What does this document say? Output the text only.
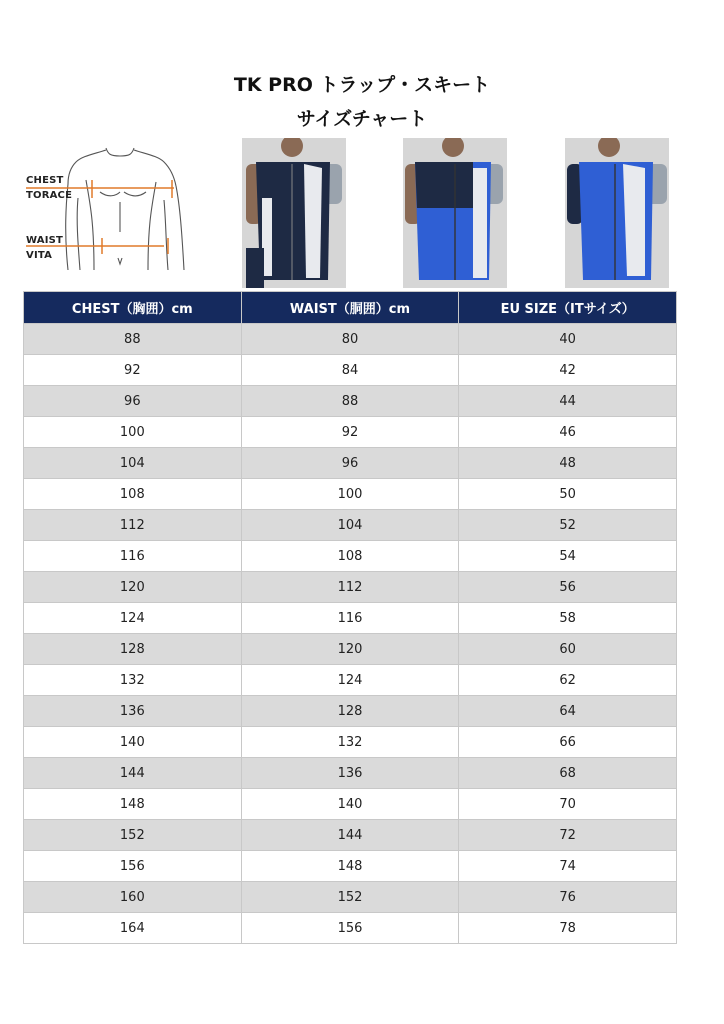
TK PRO トラップ・スキート
サイズチャート
CHEST
TORACE
WAIST
VITA
CHEST（胸囲）cm	WAIST（胴囲）cm	EU SIZE（ITサイズ）
88	80	40
92	84	42
96	88	44
100	92	46
104	96	48
108	100	50
112	104	52
116	108	54
120	112	56
124	116	58
128	120	60
132	124	62
136	128	64
140	132	66
144	136	68
148	140	70
152	144	72
156	148	74
160	152	76
164	156	78
